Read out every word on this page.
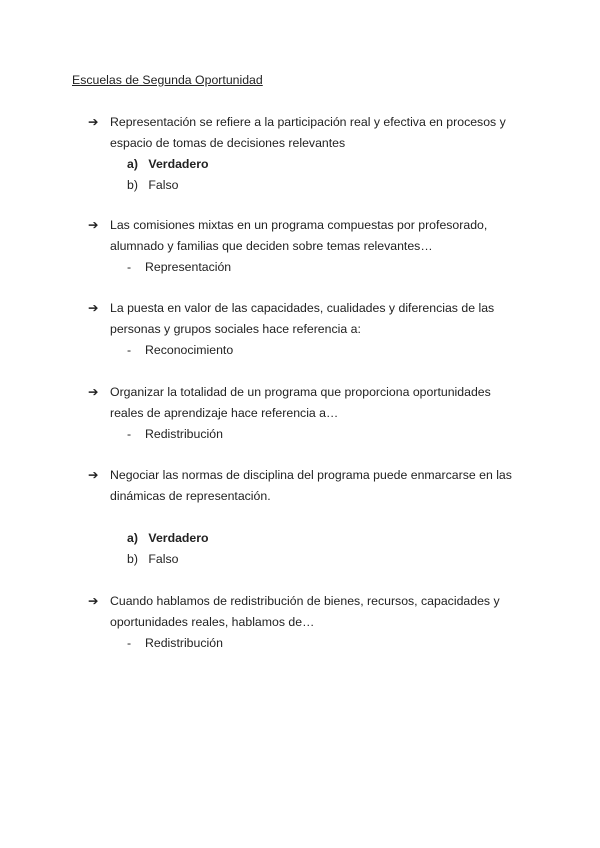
Escuelas de Segunda Oportunidad
➔ Representación se refiere a la participación real y efectiva en procesos y espacio de tomas de decisiones relevantes
a) Verdadero
b) Falso
➔ Las comisiones mixtas en un programa compuestas por profesorado, alumnado y familias que deciden sobre temas relevantes…
- Representación
➔ La puesta en valor de las capacidades, cualidades y diferencias de las personas y grupos sociales hace referencia a:
- Reconocimiento
➔ Organizar la totalidad de un programa que proporciona oportunidades reales de aprendizaje hace referencia a…
- Redistribución
➔ Negociar las normas de disciplina del programa puede enmarcarse en las dinámicas de representación.
a) Verdadero
b) Falso
➔ Cuando hablamos de redistribución de bienes, recursos, capacidades y oportunidades reales, hablamos de…
- Redistribución
